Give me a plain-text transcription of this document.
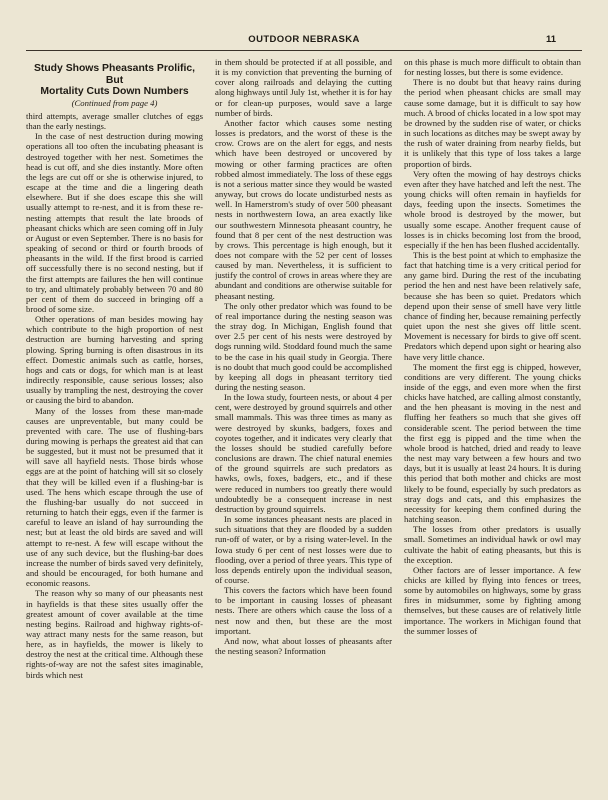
OUTDOOR NEBRASKA	11
Study Shows Pheasants Prolific, But
Mortality Cuts Down Numbers
(Continued from page 4)

third attempts, average smaller clutches of eggs than the early nestings.

In the case of nest destruction during mowing operations all too often the incubating pheasant is destroyed together with her nest. Sometimes the head is cut off, and she dies instantly. More often the legs are cut off or she is otherwise injured, to escape at the time and die a lingering death elsewhere. But if she does escape this she will usually attempt to re-nest, and it is from these re-nesting attempts that result the late broods of pheasant chicks which are seen coming off in July or August or even September. There is no basis for speaking of second or third or fourth broods of pheasants in the wild. If the first brood is carried off successfully there is no second nesting, but if the first attempts are failures the hen will continue to try, and ultimately probably between 70 and 80 per cent of them do succeed in bringing off a brood of some size.

Other operations of man besides mowing hay which contribute to the high proportion of nest destruction are burning harvesting and spring plowing. Spring burning is often disastrous in its effect. Domestic animals such as cattle, horses, hogs and cats or dogs, for which man is at least indirectly responsible, cause serious losses; also usually by trampling the nest, destroying the cover or causing the bird to abandon.

Many of the losses from these man-made causes are unpreventable, but many could be prevented with care. The use of flushing-bars during mowing is perhaps the greatest aid that can be suggested, but it must not be presumed that it will save all hayfield nests. Those birds whose eggs are at the point of hatching will sit so closely that they will be killed even if a flushing-bar is used. The hens which escape through the use of the flushing-bar usually do not succeed in returning to hatch their eggs, even if the farmer is careful to leave an island of hay surrounding the nest; but at least the old birds are saved and will attempt to re-nest. A few will escape without the use of any such device, but the flushing-bar does increase the number of birds saved very definitely, and should be encouraged, for both humane and economic reasons.

The reason why so many of our pheasants nest in hayfields is that these sites usually offer the greatest amount of cover available at the time nesting begins. Railroad and highway rights-of-way attract many nests for the same reason, but here, as in hayfields, the mower is likely to destroy the nest at the critical time. Although these rights-of-way are not the safest sites imaginable, birds which nest

in them should be protected if at all possible, and it is my conviction that preventing the burning of cover along railroads and delaying the cutting along highways until July 1st, whether it is for hay or for clean-up purposes, would save a large number of birds.

Another factor which causes some nesting losses is predators, and the worst of these is the crow. Crows are on the alert for eggs, and nests which have been destroyed or uncovered by mowing or other farming practices are often robbed almost immediately. The loss of these eggs is not a serious matter since they would be wasted anyway, but crows do locate undisturbed nests as well. In Hamerstrom's study of over 500 pheasant nests in northwestern Iowa, an area exactly like our southwestern Minnesota pheasant country, he found that 8 per cent of the nest destruction was by crows. This percentage is high enough, but it does not compare with the 52 per cent of losses caused by man. Nevertheless, it is sufficient to justify the control of crows in areas where they are abundant and conditions are otherwise suitable for pheasant nesting.

The only other predator which was found to be of real importance during the nesting season was the stray dog. In Michigan, English found that over 2.5 per cent of his nests were destroyed by dogs running wild. Stoddard found much the same to be the case in his quail study in Georgia. There is no doubt that much good could be accomplished by keeping all dogs in pheasant territory tied during the nesting season.

In the Iowa study, fourteen nests, or about 4 per cent, were destroyed by ground squirrels and other small mammals. This was three times as many as were destroyed by skunks, badgers, foxes and coyotes together, and it indicates very clearly that the losses should be studied carefully before conclusions are drawn. The chief natural enemies of the ground squirrels are such predators as hawks, owls, foxes, badgers, etc., and if these were reduced in numbers too greatly there would undoubtedly be a consequent increase in nest destruction by ground squirrels.

In some instances pheasant nests are placed in such situations that they are flooded by a sudden run-off of water, or by a rising water-level. In the Iowa study 6 per cent of nest losses were due to flooding, over a period of three years. This type of loss depends entirely upon the individual season, of course.

This covers the factors which have been found to be important in causing losses of pheasant nests. There are others which cause the loss of a nest now and then, but these are the most important.

And now, what about losses of pheasants after the nesting season? Information

on this phase is much more difficult to obtain than for nesting losses, but there is some evidence.

There is no doubt but that heavy rains during the period when pheasant chicks are small may cause some damage, but it is difficult to say how much. A brood of chicks located in a low spot may be drowned by the sudden rise of water, or chicks in such locations as ditches may be swept away by the rush of water draining from nearby fields, but it is unlikely that this type of loss takes a large proportion of birds.

Very often the mowing of hay destroys chicks even after they have hatched and left the nest. The young chicks will often remain in hayfields for days, feeding upon the insects. Sometimes the whole brood is destroyed by the mower, but usually some escape. Another frequent cause of losses is in chicks becoming lost from the brood, especially if the hen has been flushed accidentally.

This is the best point at which to emphasize the fact that hatching time is a very critical period for any game bird. During the rest of the incubating period the hen and nest have been relatively safe, because she has been so quiet. Predators which depend upon their sense of smell have very little chance of finding her, because remaining perfectly quiet upon the nest she gives off little scent. Movement is necessary for birds to give off scent. Predators which depend upon sight or hearing also have very little chance.

The moment the first egg is chipped, however, conditions are very different. The young chicks inside of the eggs, and even more when the first chicks have hatched, are calling almost constantly, and the hen pheasant is moving in the nest and fluffing her feathers so much that she gives off considerable scent. The period between the time the first egg is pipped and the time when the whole brood is hatched, dried and ready to leave the nest may vary between a few hours and two days, but it is usually at least 24 hours. It is during this period that both mother and chicks are most likely to be found, especially by such predators as stray dogs and cats, and this emphasizes the necessity for keeping them confined during the hatching season.

The losses from other predators is usually small. Sometimes an individual hawk or owl may cultivate the habit of eating pheasants, but this is the exception.

Other factors are of lesser importance. A few chicks are killed by flying into fences or trees, some by automobiles on highways, some by grass fires in midsummer, some by fighting among themselves, but these causes are of relatively little importance. The workers in Michigan found that the summer losses of
